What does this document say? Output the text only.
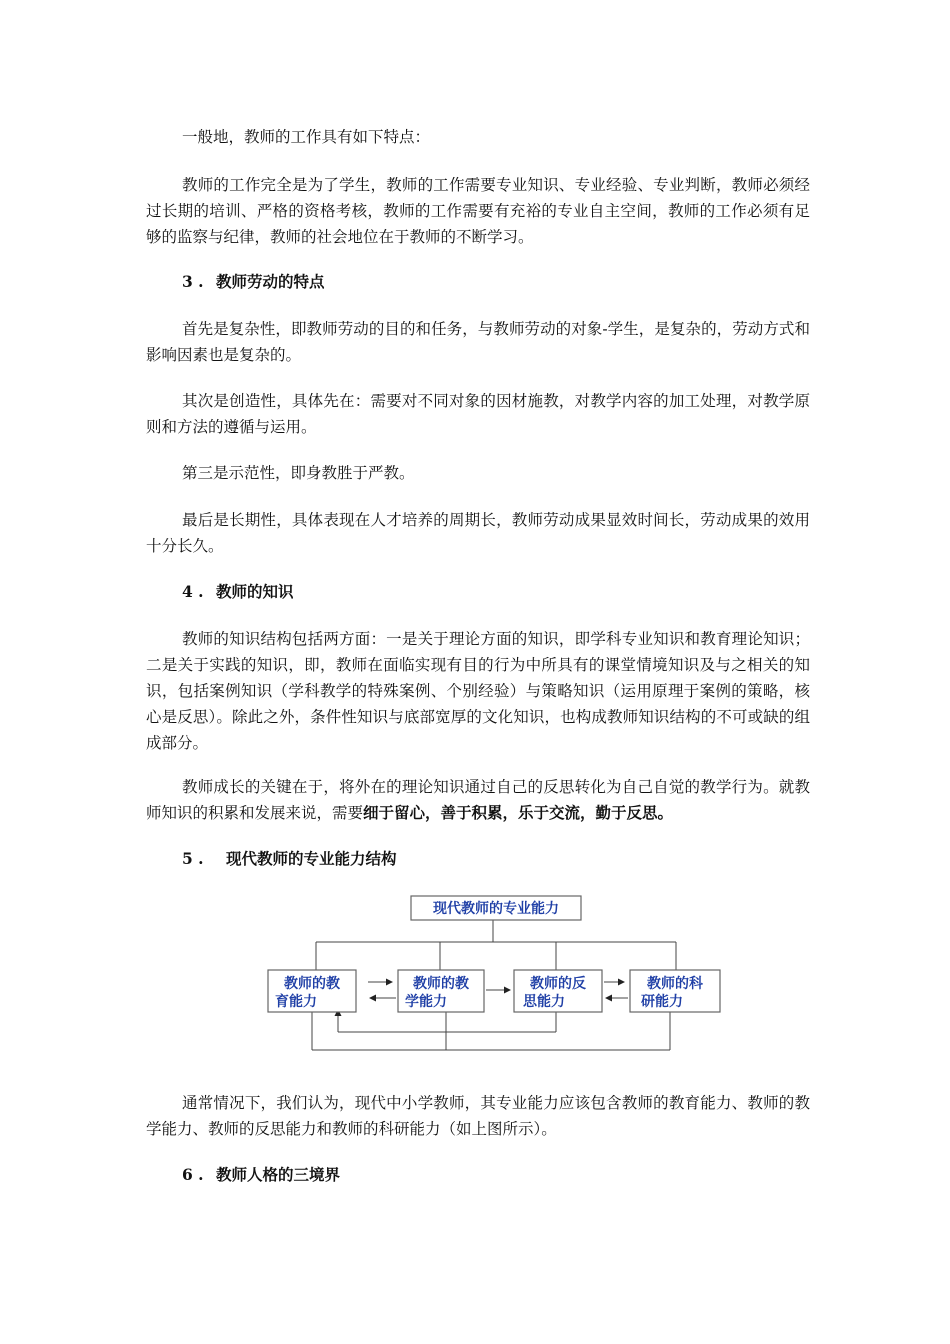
一般地，教师的工作具有如下特点：

教师的工作完全是为了学生，教师的工作需要专业知识、专业经验、专业判断，教师必须经过长期的培训、严格的资格考核，教师的工作需要有充裕的专业自主空间，教师的工作必须有足够的监察与纪律，教师的社会地位在于教师的不断学习。

3 . 教师劳动的特点

首先是复杂性，即教师劳动的目的和任务，与教师劳动的对象-学生，是复杂的，劳动方式和影响因素也是复杂的。

其次是创造性，具体先在：需要对不同对象的因材施教，对教学内容的加工处理，对教学原则和方法的遵循与运用。

第三是示范性，即身教胜于严教。

最后是长期性，具体表现在人才培养的周期长，教师劳动成果显效时间长，劳动成果的效用十分长久。

4 . 教师的知识

教师的知识结构包括两方面：一是关于理论方面的知识，即学科专业知识和教育理论知识；二是关于实践的知识，即，教师在面临实现有目的行为中所具有的课堂情境知识及与之相关的知识，包括案例知识（学科教学的特殊案例、个别经验）与策略知识（运用原理于案例的策略，核心是反思）。除此之外，条件性知识与底部宽厚的文化知识，也构成教师知识结构的不可或缺的组成部分。

教师成长的关键在于，将外在的理论知识通过自己的反思转化为自己自觉的教学行为。就教师知识的积累和发展来说，需要细于留心，善于积累，乐于交流，勤于反思。

5 . 现代教师的专业能力结构

通常情况下，我们认为，现代中小学教师，其专业能力应该包含教师的教育能力、教师的教学能力、教师的反思能力和教师的科研能力（如上图所示）。

6 . 教师人格的三境界

现代教师的专业能力
教师的教
育能力
教师的教
学能力
教师的反
思能力
教师的科
研能力
